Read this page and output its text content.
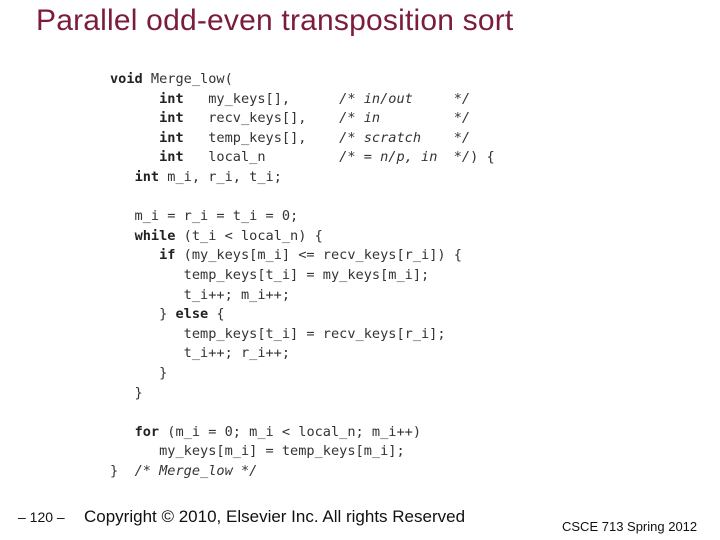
Parallel odd-even transposition sort
void Merge_low(
int   my_keys[],      /* in/out     */
int   recv_keys[],    /* in         */
int   temp_keys[],    /* scratch    */
int   local_n         /* = n/p, in  */) {
int m_i, r_i, t_i;

m_i = r_i = t_i = 0;
while (t_i < local_n) {
if (my_keys[m_i] <= recv_keys[r_i]) {
temp_keys[t_i] = my_keys[m_i];
t_i++; m_i++;
} else {
temp_keys[t_i] = recv_keys[r_i];
t_i++; r_i++;
}
}

for (m_i = 0; m_i < local_n; m_i++)
my_keys[m_i] = temp_keys[m_i];
}  /* Merge_low */
– 120 – Copyright © 2010, Elsevier Inc. All rights Reserved
CSCE 713 Spring 2012
